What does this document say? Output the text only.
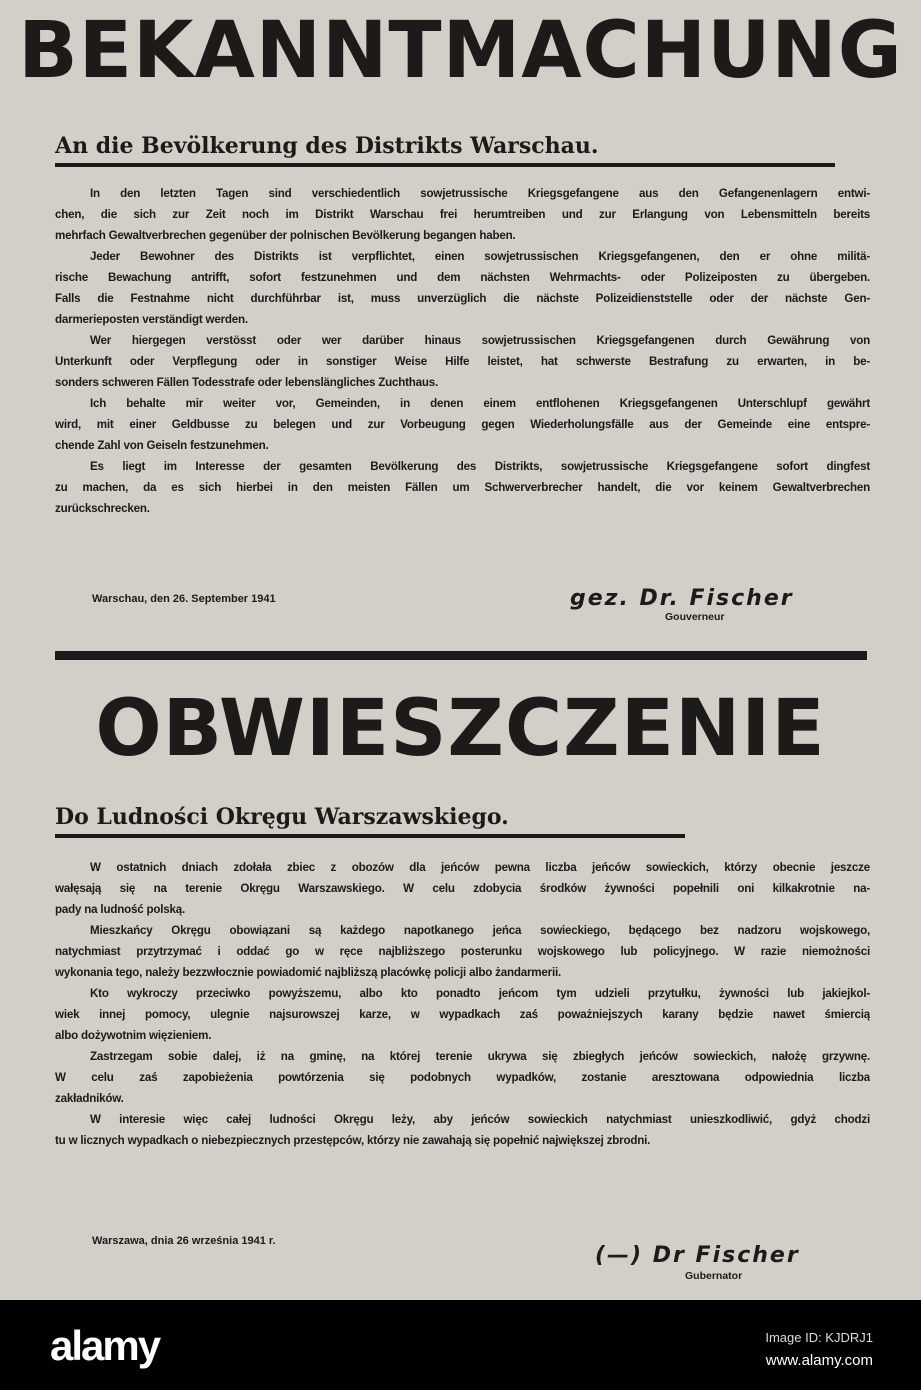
BEKANNTMACHUNG
An die Bevölkerung des Distrikts Warschau.
In den letzten Tagen sind verschiedentlich sowjetrussische Kriegsgefangene aus den Gefangenenlagern entwi-
chen, die sich zur Zeit noch im Distrikt Warschau frei herumtreiben und zur Erlangung von Lebensmitteln bereits
mehrfach Gewaltverbrechen gegenüber der polnischen Bevölkerung begangen haben.
Jeder Bewohner des Distrikts ist verpflichtet, einen sowjetrussischen Kriegsgefangenen, den er ohne militä-
rische Bewachung antrifft, sofort festzunehmen und dem nächsten Wehrmachts- oder Polizeiposten zu übergeben.
Falls die Festnahme nicht durchführbar ist, muss unverzüglich die nächste Polizeidienststelle oder der nächste Gen-
darmerieposten verständigt werden.
Wer hiergegen verstösst oder wer darüber hinaus sowjetrussischen Kriegsgefangenen durch Gewährung von
Unterkunft oder Verpflegung oder in sonstiger Weise Hilfe leistet, hat schwerste Bestrafung zu erwarten, in be-
sonders schweren Fällen Todesstrafe oder lebenslängliches Zuchthaus.
Ich behalte mir weiter vor, Gemeinden, in denen einem entflohenen Kriegsgefangenen Unterschlupf gewährt
wird, mit einer Geldbusse zu belegen und zur Vorbeugung gegen Wiederholungsfälle aus der Gemeinde eine entspre-
chende Zahl von Geiseln festzunehmen.
Es liegt im Interesse der gesamten Bevölkerung des Distrikts, sowjetrussische Kriegsgefangene sofort dingfest
zu machen, da es sich hierbei in den meisten Fällen um Schwerverbrecher handelt, die vor keinem Gewaltverbrechen
zurückschrecken.
Warschau, den 26. September 1941	gez. Dr. Fischer
Gouverneur
OBWIESZCZENIE
Do Ludności Okręgu Warszawskiego.
W ostatnich dniach zdołała zbiec z obozów dla jeńców pewna liczba jeńców sowieckich, którzy obecnie jeszcze
wałęsają się na terenie Okręgu Warszawskiego. W celu zdobycia środków żywności popełnili oni kilkakrotnie na-
pady na ludność polską.
Mieszkańcy Okręgu obowiązani są każdego napotkanego jeńca sowieckiego, będącego bez nadzoru wojskowego,
natychmiast przytrzymać i oddać go w ręce najbliższego posterunku wojskowego lub policyjnego. W razie niemożności
wykonania tego, należy bezzwłocznie powiadomić najbliższą placówkę policji albo żandarmerii.
Kto wykroczy przeciwko powyższemu, albo kto ponadto jeńcom tym udzieli przytułku, żywności lub jakiejkol-
wiek innej pomocy, ulegnie najsurowszej karze, w wypadkach zaś poważniejszych karany będzie nawet śmiercią
albo dożywotnim więzieniem.
Zastrzegam sobie dalej, iż na gminę, na której terenie ukrywa się zbiegłych jeńców sowieckich, nałożę grzywnę.
W celu zaś zapobieżenia powtórzenia się podobnych wypadków, zostanie aresztowana odpowiednia liczba
zakładników.
W interesie więc całej ludności Okręgu leży, aby jeńców sowieckich natychmiast unieszkodliwić, gdyż chodzi
tu w licznych wypadkach o niebezpiecznych przestępców, którzy nie zawahają się popełnić największej zbrodni.
Warszawa, dnia 26 września 1941 r.
(—) Dr Fischer
Gubernator
alamy	Image ID: KJDRJ1
www.alamy.com
